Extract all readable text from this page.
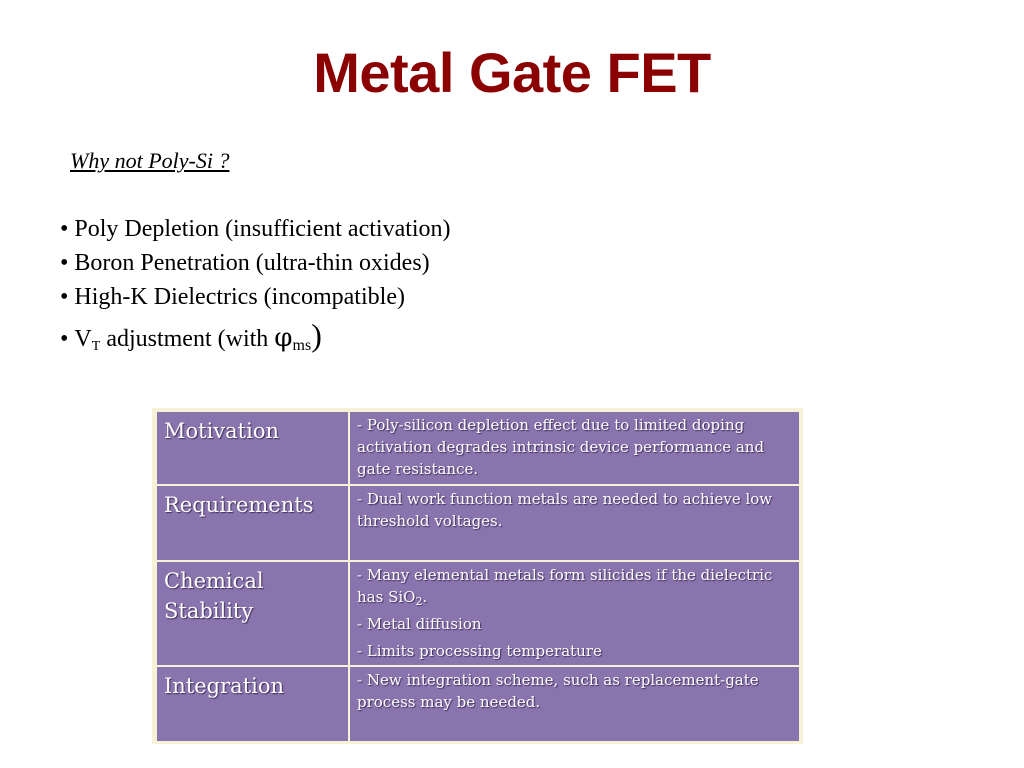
Metal Gate FET
Why not Poly-Si ?
• Poly Depletion (insufficient activation)
• Boron Penetration (ultra-thin oxides)
• High-K Dielectrics (incompatible)
• $V_T$ adjustment (with $\varphi_{ms}$)
Motivation	- Poly-silicon depletion effect due to limited doping activation degrades intrinsic device performance and gate resistance.

Requirements	- Dual work function metals are needed to achieve low threshold voltages.

Chemical Stability	- Many elemental metals form silicides if the dielectric has SiO$_2$.
- Metal diffusion
- Limits processing temperature

Integration	- New integration scheme, such as replacement-gate process may be needed.
